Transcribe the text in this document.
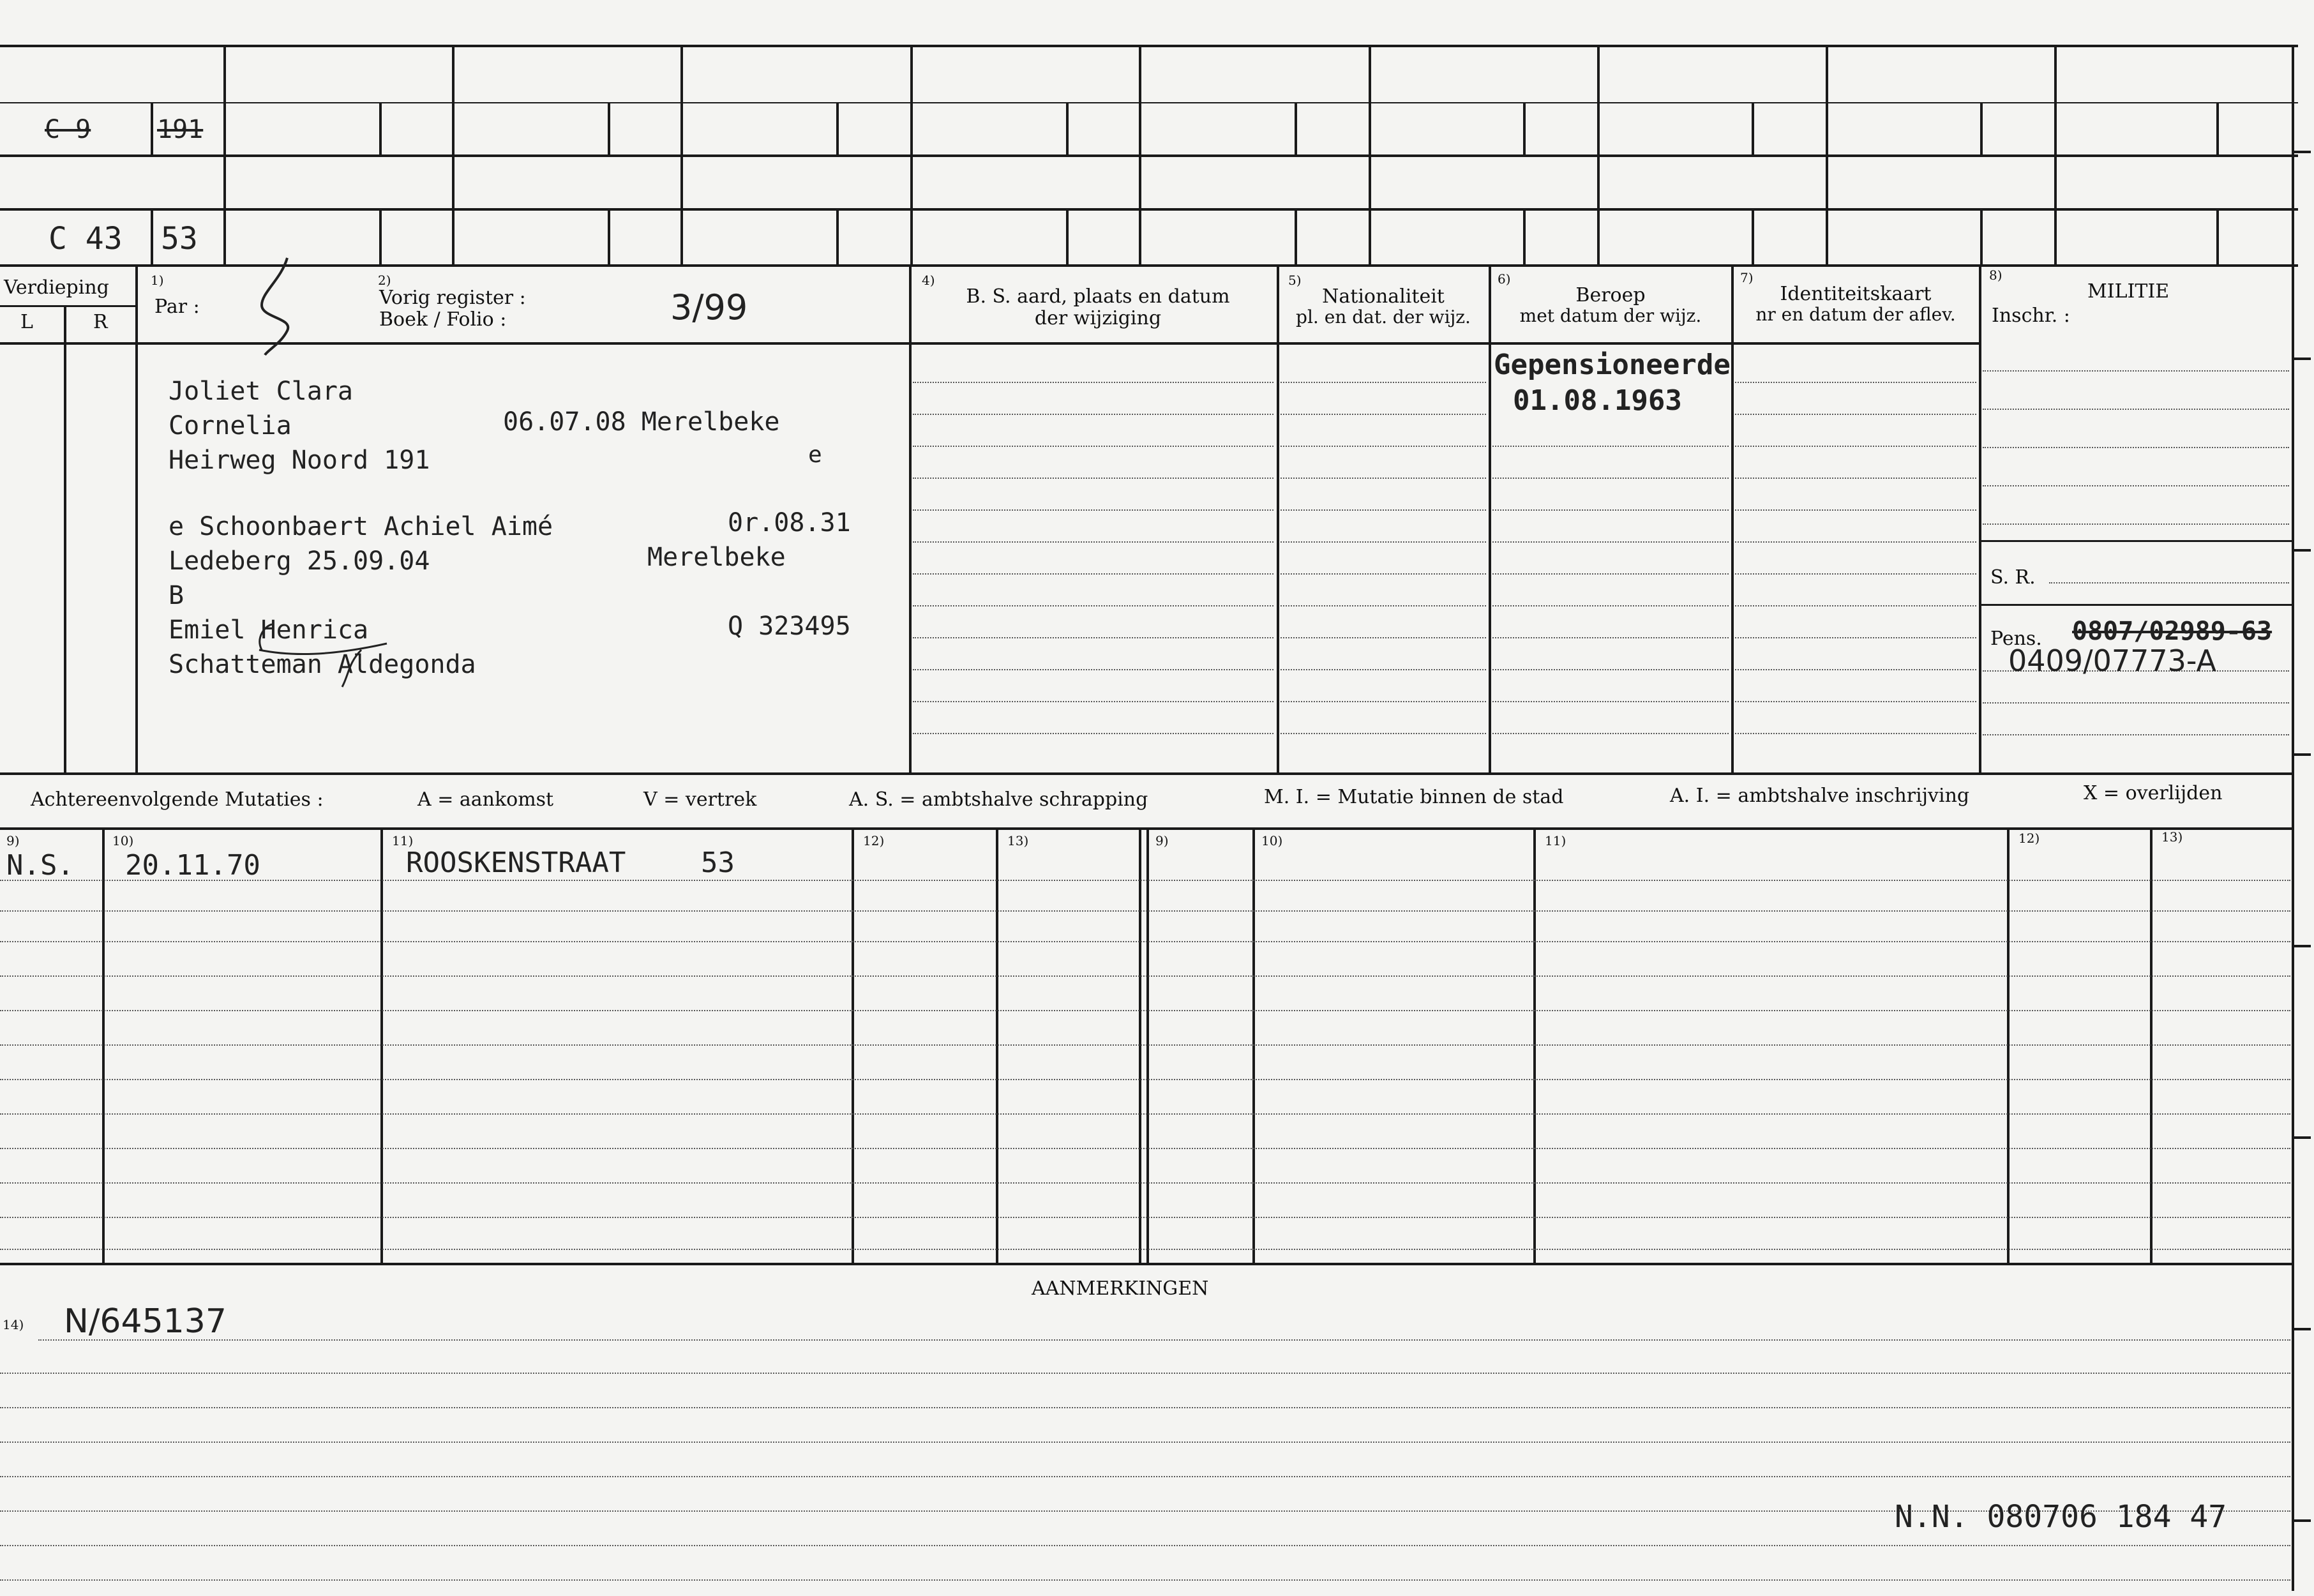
C 9	191
C 43 53
Verdieping
L	R
1)
Par :
2)
Vorig register :
Boek / Folio :	3/99
4)
B. S. aard, plaats en datum
der wijziging
5)
Nationaliteit
pl. en dat. der wijz.
6)
Beroep
met datum der wijz.
7)
Identiteitskaart
nr en datum der aflev.
8)
MILITIE
Inschr. :
Joliet Clara
Cornelia	06.07.08 Merelbeke
Heirweg Noord 191	e
e Schoonbaert Achiel Aimé	0r.08.31
Ledeberg 25.09.04	Merelbeke
B
Emiel Henrica	Q 323495
Schatteman Aldegonda
Gepensioneerde
01.08.1963
S. R.
Pens. 0807/02989-63
0409/07773-A
Achtereenvolgende Mutaties :	A = aankomst	V = vertrek	A. S. = ambtshalve schrapping	M. I. = Mutatie binnen de stad	A. I. = ambtshalve inschrijving	X = overlijden
9)	10)	11)	12)	13)	9)	10)	11)	12)	13)
N.S. 20.11.70	ROOSKENSTRAAT	53
AANMERKINGEN
14) N/645137
N.N. 080706 184 47
